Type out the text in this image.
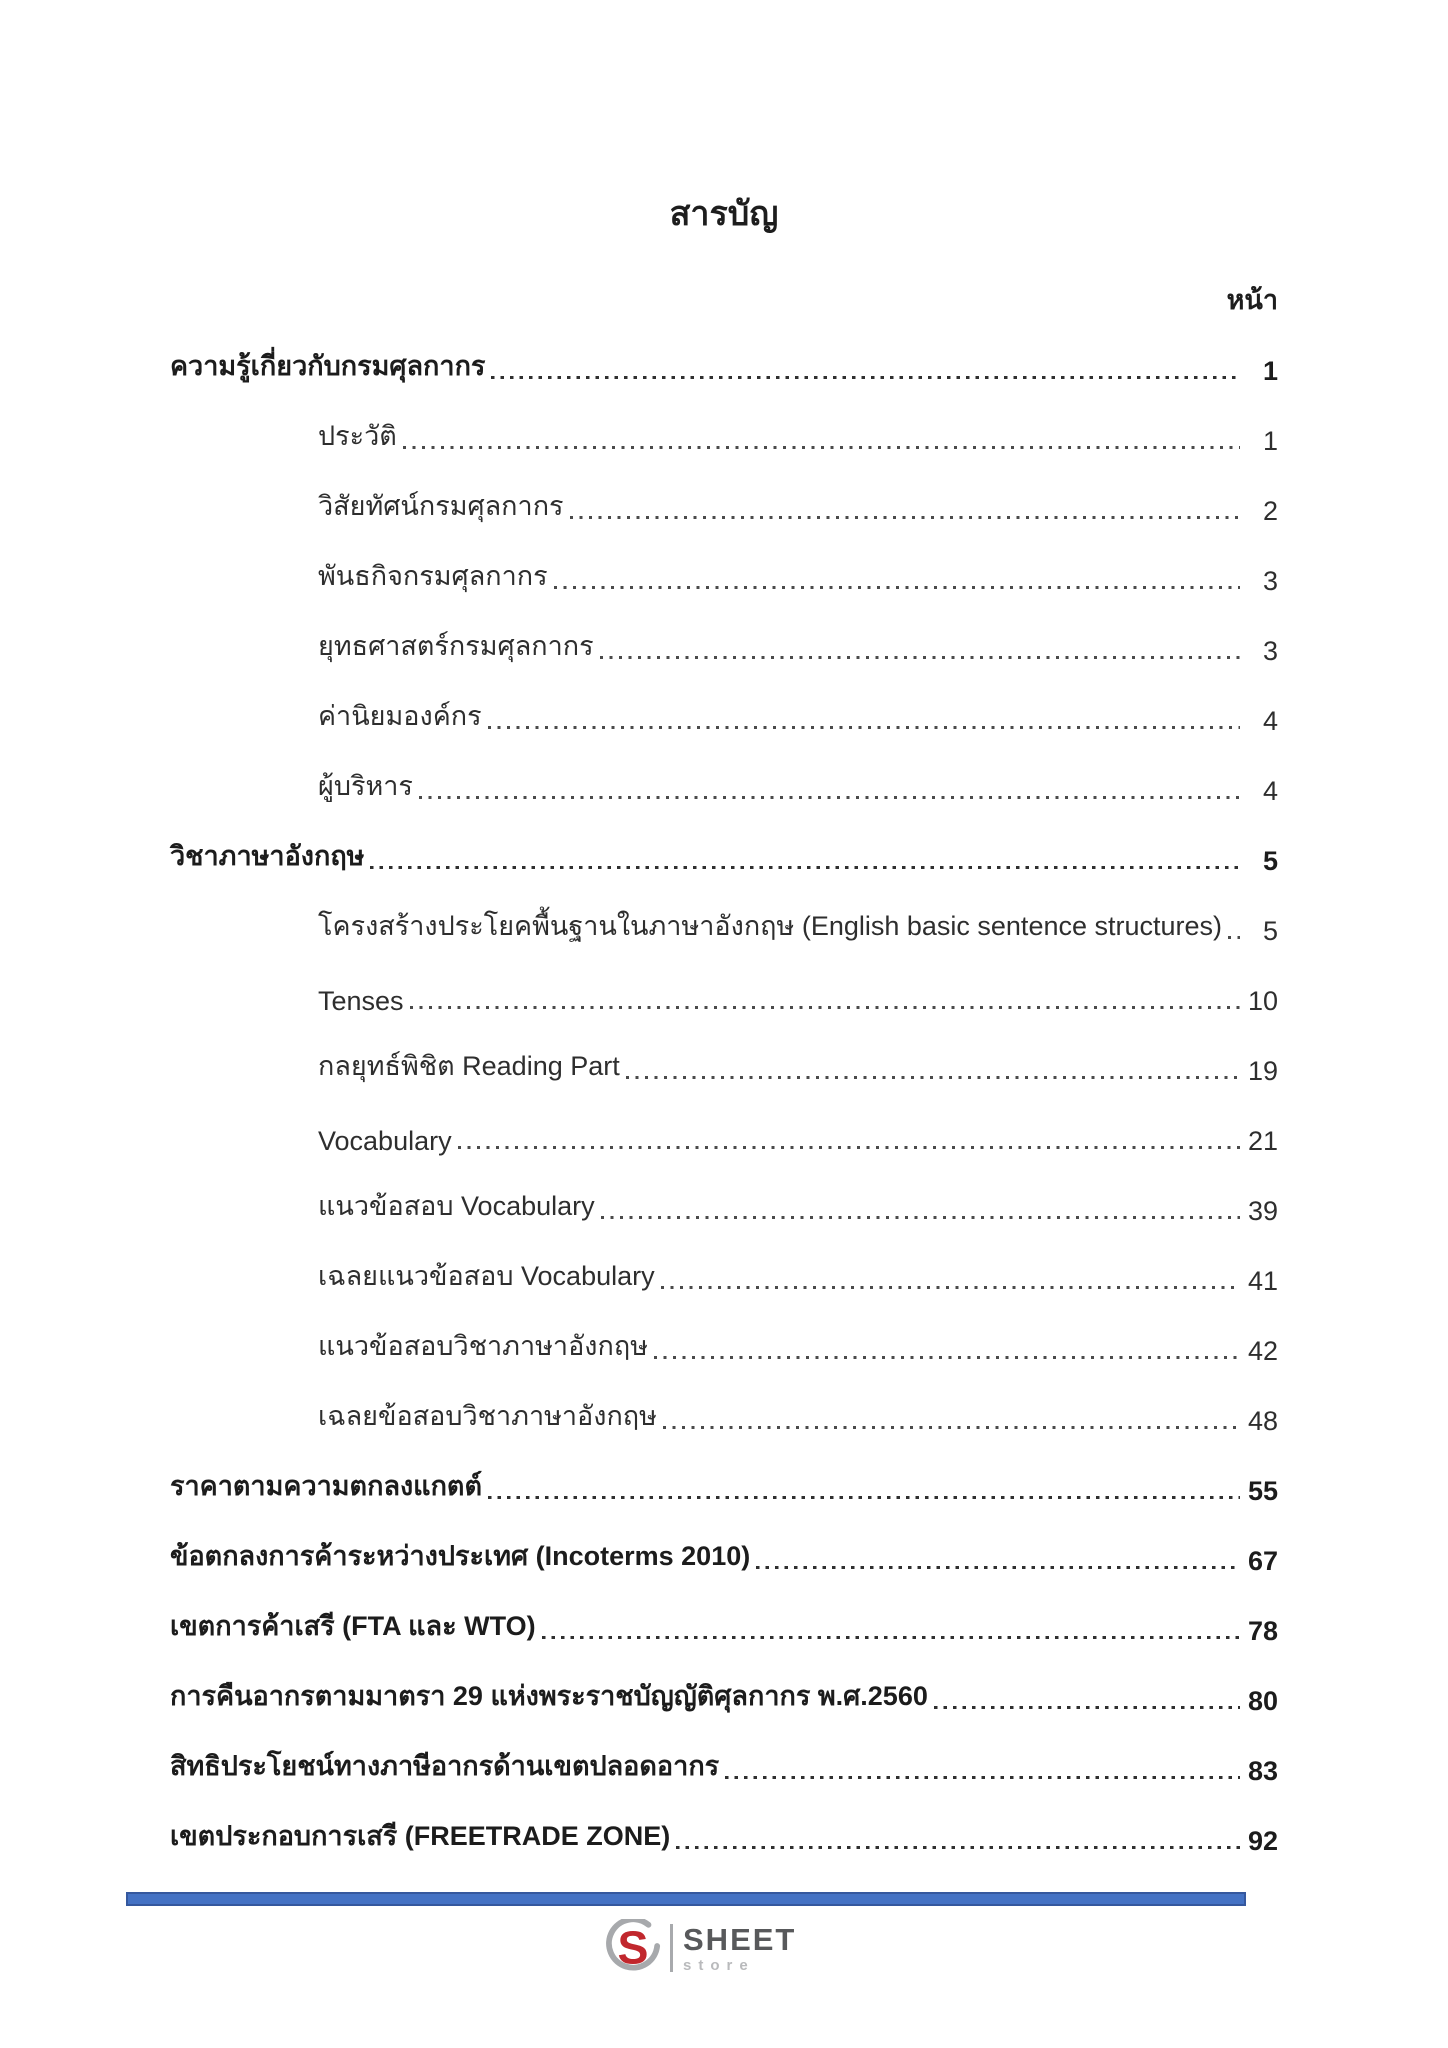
สารบัญ
หน้า
ความรู้เกี่ยวกับกรมศุลกากร	1
ประวัติ	1
วิสัยทัศน์กรมศุลกากร	2
พันธกิจกรมศุลกากร	3
ยุทธศาสตร์กรมศุลกากร	3
ค่านิยมองค์กร	4
ผู้บริหาร	4
วิชาภาษาอังกฤษ	5
โครงสร้างประโยคพื้นฐานในภาษาอังกฤษ (English basic sentence structures)	5
Tenses	10
กลยุทธ์พิชิต Reading Part	19
Vocabulary	21
แนวข้อสอบ Vocabulary	39
เฉลยแนวข้อสอบ Vocabulary	41
แนวข้อสอบวิชาภาษาอังกฤษ	42
เฉลยข้อสอบวิชาภาษาอังกฤษ	48
ราคาตามความตกลงแกตต์	55
ข้อตกลงการค้าระหว่างประเทศ (Incoterms 2010)	67
เขตการค้าเสรี (FTA และ WTO)	78
การคืนอากรตามมาตรา 29 แห่งพระราชบัญญัติศุลกากร พ.ศ.2560	80
สิทธิประโยชน์ทางภาษีอากรด้านเขตปลอดอากร	83
เขตประกอบการเสรี (FREETRADE ZONE)	92
S SHEET
store
